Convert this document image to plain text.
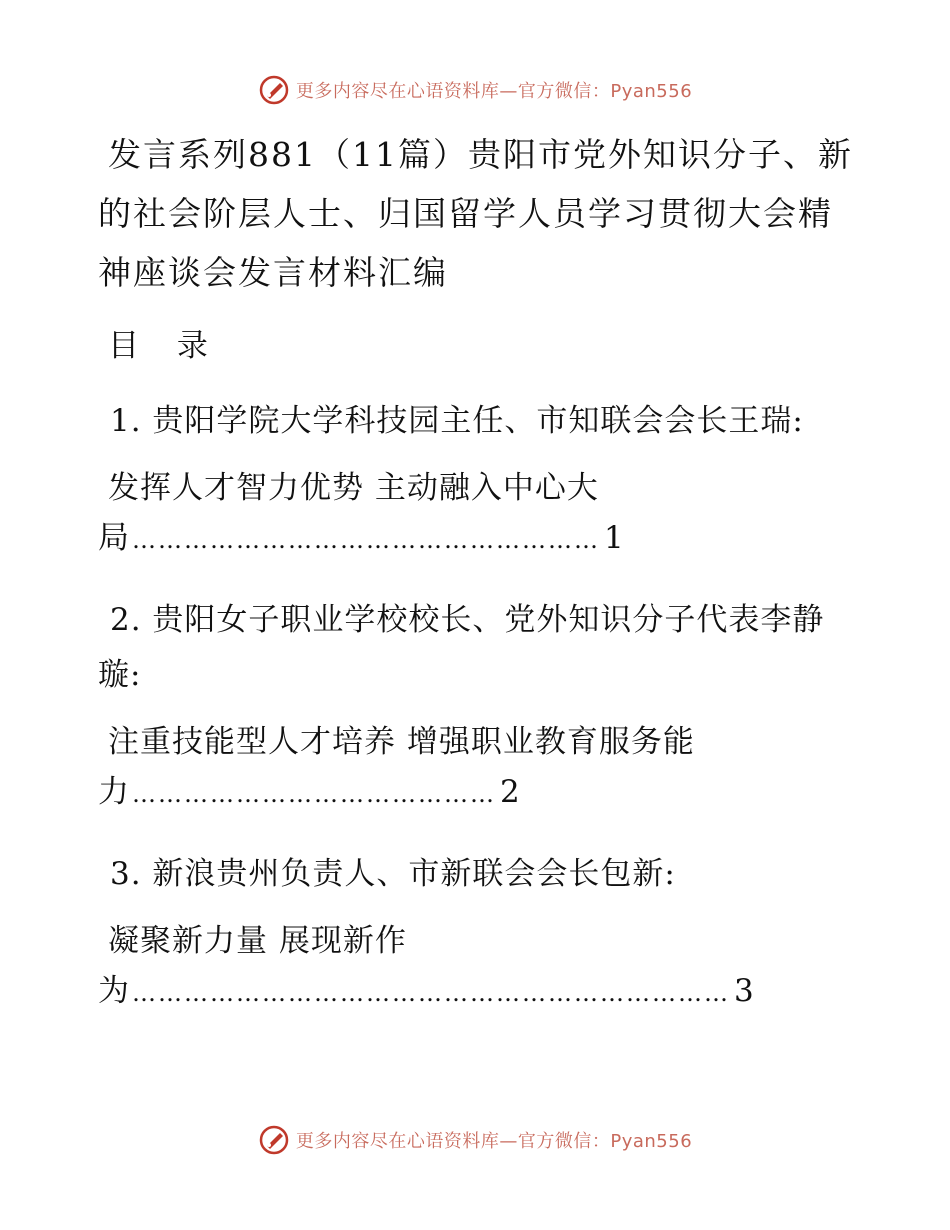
更多内容尽在心语资料库—官方微信：Pyan556
发言系列881（11篇）贵阳市党外知识分子、新的社会阶层人士、归国留学人员学习贯彻大会精神座谈会发言材料汇编
目 录
1. 贵阳学院大学科技园主任、市知联会会长王瑞:
发挥人才智力优势 主动融入中心大
局 ……………………………………………… 1
2. 贵阳女子职业学校校长、党外知识分子代表李静璇:
注重技能型人才培养 增强职业教育服务能
力 …………………………………… 2
3. 新浪贵州负责人、市新联会会长包新:
凝聚新力量 展现新作
为 …………………………………………………………… 3
更多内容尽在心语资料库—官方微信：Pyan556
